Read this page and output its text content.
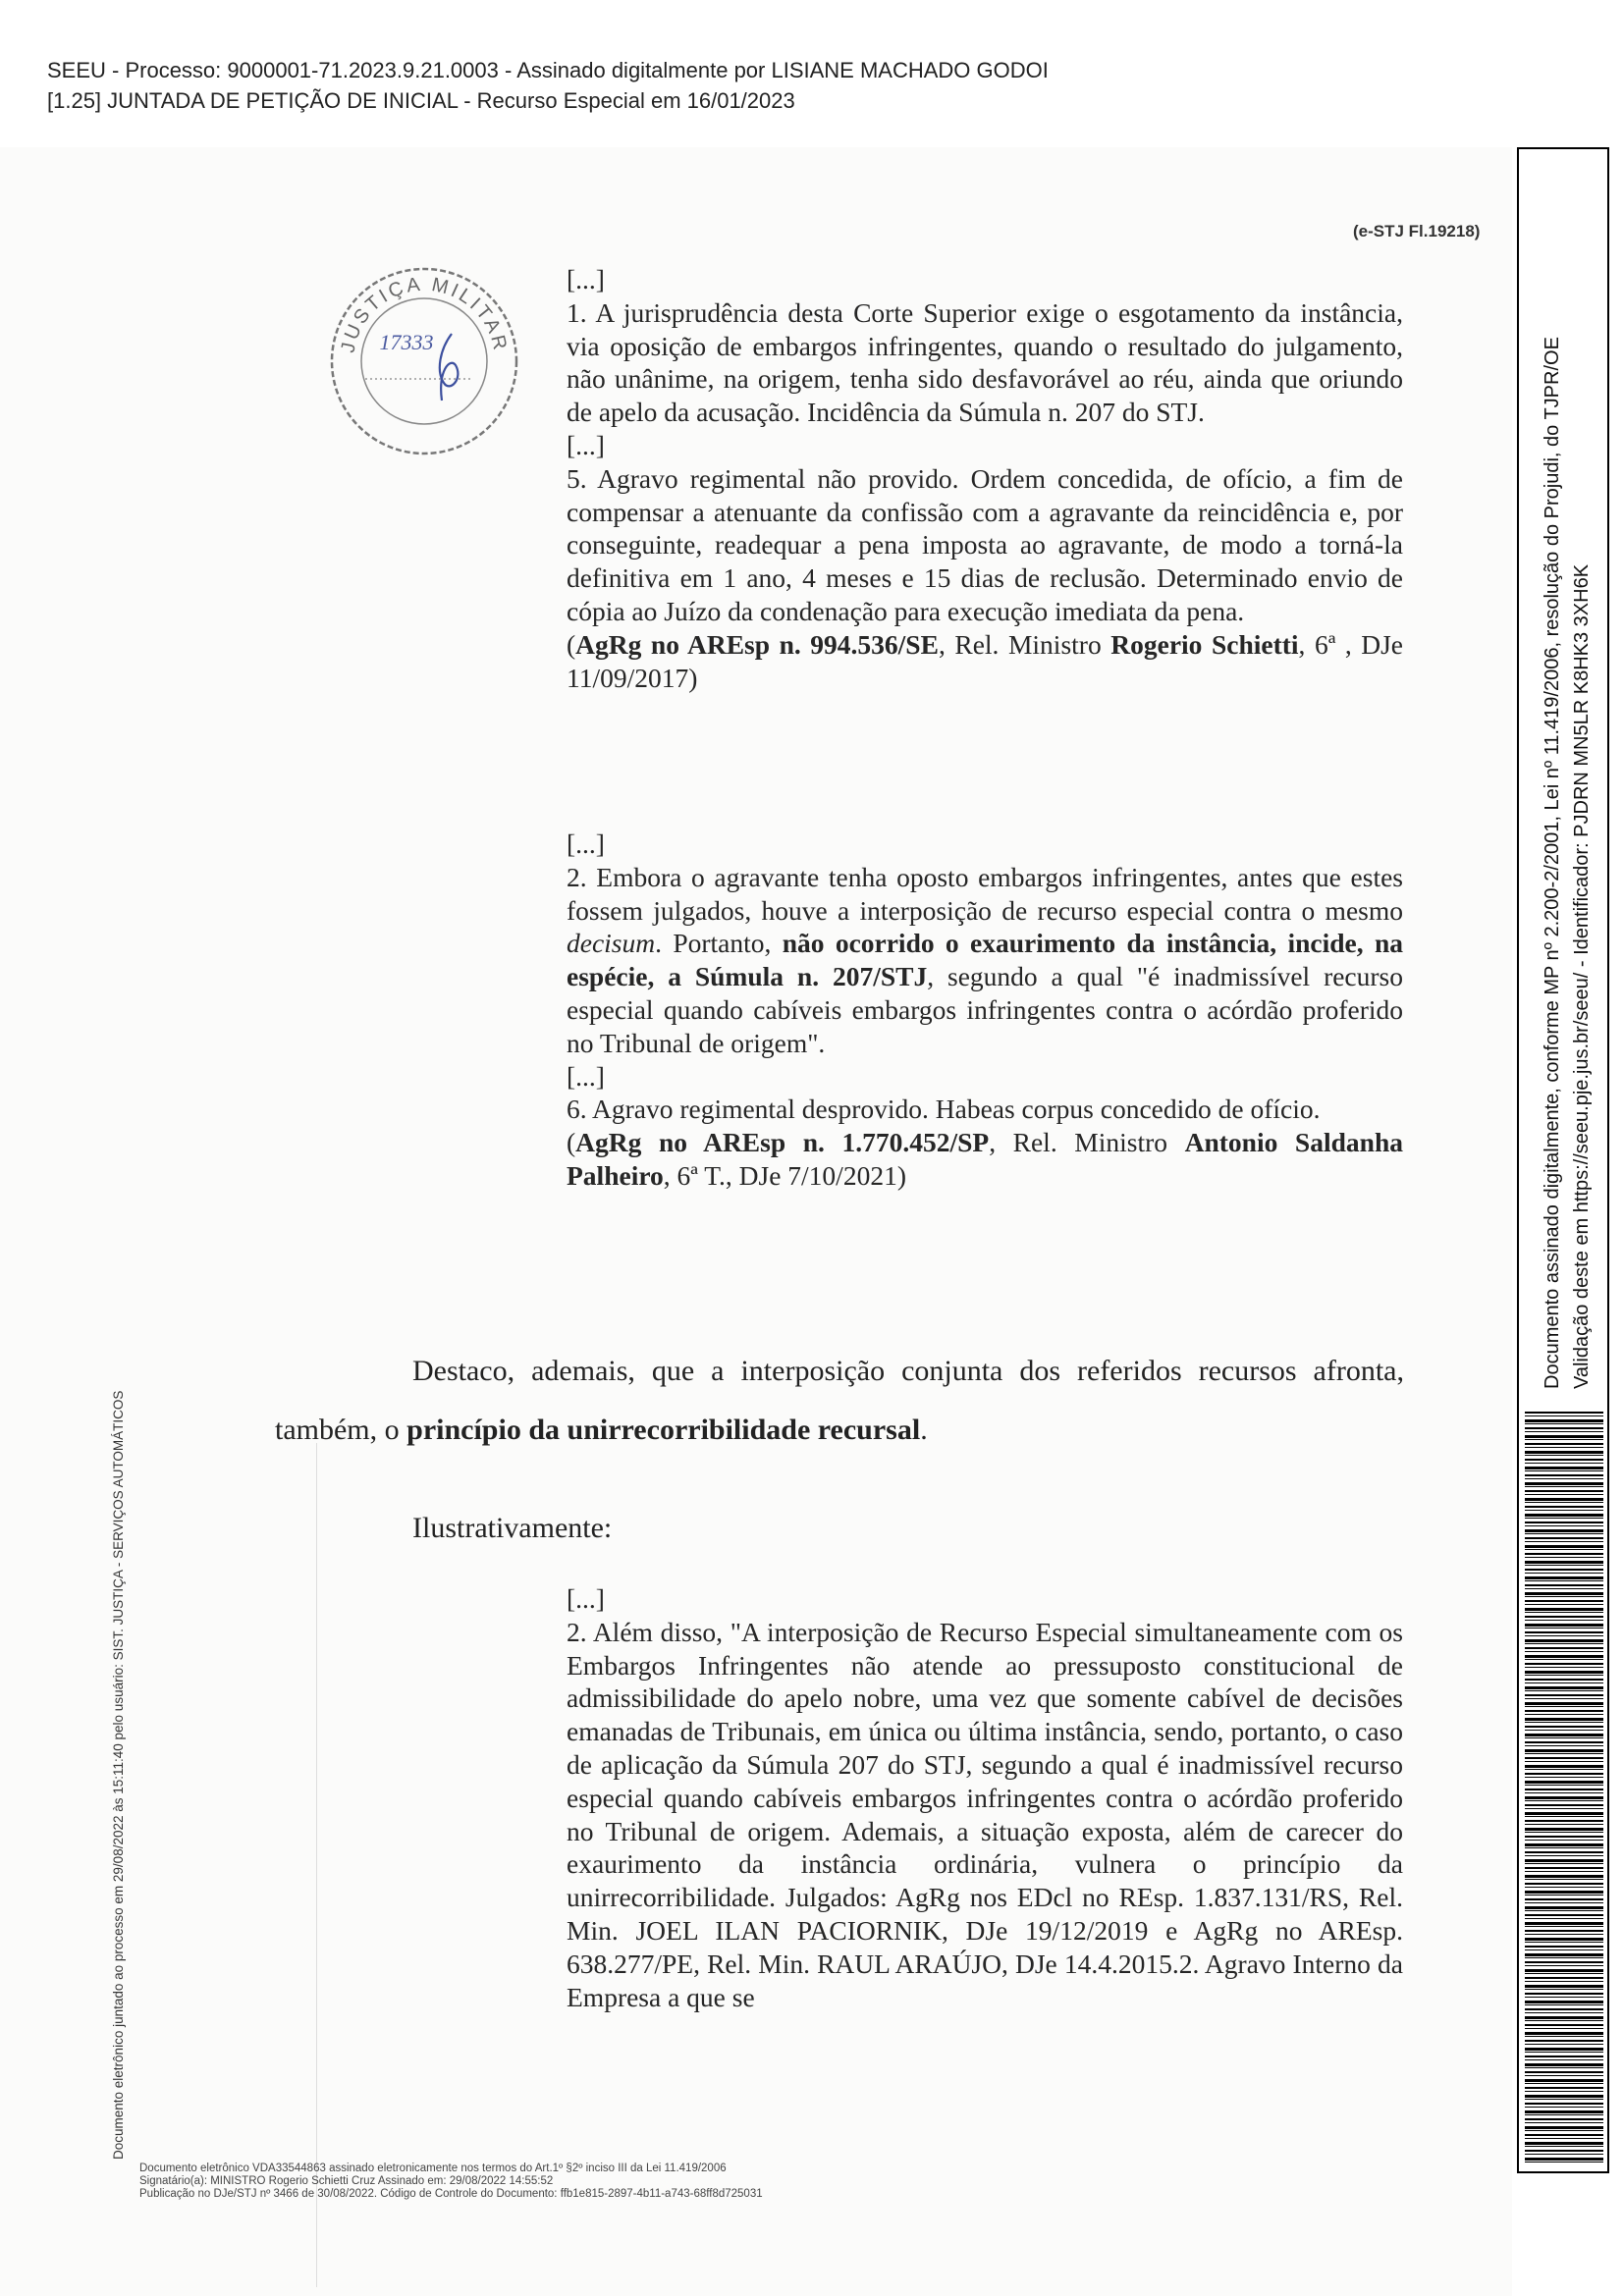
SEEU - Processo: 9000001-71.2023.9.21.0003 - Assinado digitalmente por LISIANE MACHADO GODOI
[1.25] JUNTADA DE PETIÇÃO DE INICIAL - Recurso Especial em 16/01/2023
(e-STJ Fl.19218)
JUSTIÇA MILITAR
17333

[...]

1. A jurisprudência desta Corte Superior exige o esgotamento da instância, via oposição de embargos infringentes, quando o resultado do julgamento, não unânime, na origem, tenha sido desfavorável ao réu, ainda que oriundo de apelo da acusação. Incidência da Súmula n. 207 do STJ.

[...]

5. Agravo regimental não provido. Ordem concedida, de ofício, a fim de compensar a atenuante da confissão com a agravante da reincidência e, por conseguinte, readequar a pena imposta ao agravante, de modo a torná-la definitiva em 1 ano, 4 meses e 15 dias de reclusão. Determinado envio de cópia ao Juízo da condenação para execução imediata da pena.

(AgRg no AREsp n. 994.536/SE, Rel. Ministro Rogerio Schietti, 6ª , DJe 11/09/2017)

[...]

2. Embora o agravante tenha oposto embargos infringentes, antes que estes fossem julgados, houve a interposição de recurso especial contra o mesmo decisum. Portanto, não ocorrido o exaurimento da instância, incide, na espécie, a Súmula n. 207/STJ, segundo a qual "é inadmissível recurso especial quando cabíveis embargos infringentes contra o acórdão proferido no Tribunal de origem".

[...]

6. Agravo regimental desprovido. Habeas corpus concedido de ofício.

(AgRg no AREsp n. 1.770.452/SP, Rel. Ministro Antonio Saldanha Palheiro, 6ª T., DJe 7/10/2021)

Destaco, ademais, que a interposição conjunta dos referidos recursos afronta, também, o princípio da unirrecorribilidade recursal.
Ilustrativamente:

[...]

2. Além disso, "A interposição de Recurso Especial simultaneamente com os Embargos Infringentes não atende ao pressuposto constitucional de admissibilidade do apelo nobre, uma vez que somente cabível de decisões emanadas de Tribunais, em única ou última instância, sendo, portanto, o caso de aplicação da Súmula 207 do STJ, segundo a qual é inadmissível recurso especial quando cabíveis embargos infringentes contra o acórdão proferido no Tribunal de origem. Ademais, a situação exposta, além de carecer do exaurimento da instância ordinária, vulnera o princípio da unirrecorribilidade. Julgados: AgRg nos EDcl no REsp. 1.837.131/RS, Rel. Min. JOEL ILAN PACIORNIK, DJe 19/12/2019 e AgRg no AREsp. 638.277/PE, Rel. Min. RAUL ARAÚJO, DJe 14.4.2015.2. Agravo Interno da Empresa a que se

Documento eletrônico VDA33544863 assinado eletronicamente nos termos do Art.1º §2º inciso III da Lei 11.419/2006
Signatário(a): MINISTRO Rogerio Schietti Cruz Assinado em: 29/08/2022 14:55:52
Publicação no DJe/STJ nº 3466 de 30/08/2022. Código de Controle do Documento: ffb1e815-2897-4b11-a743-68ff8d725031
Documento eletrônico juntado ao processo em 29/08/2022 às 15:11:40 pelo usuário: SIST. JUSTIÇA - SERVIÇOS AUTOMÁTICOS
Documento assinado digitalmente, conforme MP nº 2.200-2/2001, Lei nº 11.419/2006, resolução do Projudi, do TJPR/OE Validação deste em https://seeu.pje.jus.br/seeu/ - Identificador: PJDRN MN5LR K8HK3 3XH6K
